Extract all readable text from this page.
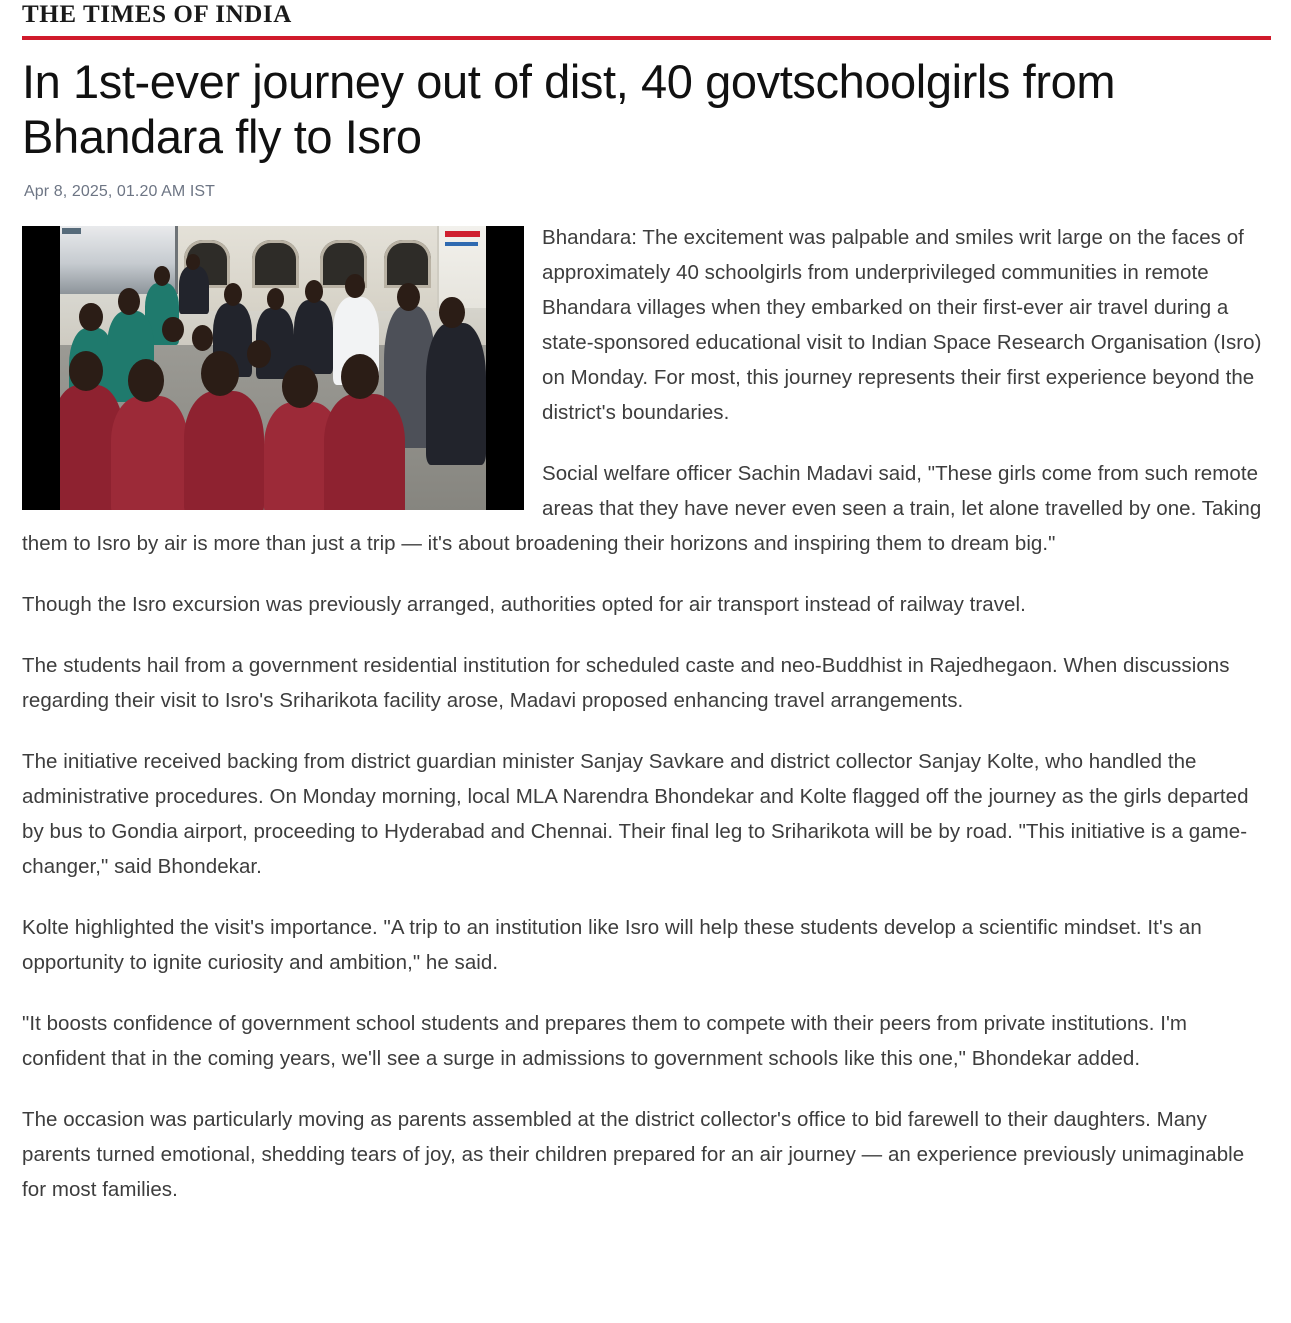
THE TIMES OF INDIA
In 1st-ever journey out of dist, 40 govtschoolgirls from Bhandara fly to Isro
Apr 8, 2025, 01.20 AM IST

Bhandara: The excitement was palpable and smiles writ large on the faces of approximately 40 schoolgirls from underprivileged communities in remote Bhandara villages when they embarked on their first-ever air travel during a state-sponsored educational visit to Indian Space Research Organisation (Isro) on Monday. For most, this journey represents their first experience beyond the district's boundaries.

Social welfare officer Sachin Madavi said, "These girls come from such remote areas that they have never even seen a train, let alone travelled by one. Taking them to Isro by air is more than just a trip — it's about broadening their horizons and inspiring them to dream big."

Though the Isro excursion was previously arranged, authorities opted for air transport instead of railway travel.

The students hail from a government residential institution for scheduled caste and neo-Buddhist in Rajedhegaon. When discussions regarding their visit to Isro's Sriharikota facility arose, Madavi proposed enhancing travel arrangements.

The initiative received backing from district guardian minister Sanjay Savkare and district collector Sanjay Kolte, who handled the administrative procedures. On Monday morning, local MLA Narendra Bhondekar and Kolte flagged off the journey as the girls departed by bus to Gondia airport, proceeding to Hyderabad and Chennai. Their final leg to Sriharikota will be by road. "This initiative is a game-changer," said Bhondekar.

Kolte highlighted the visit's importance. "A trip to an institution like Isro will help these students develop a scientific mindset. It's an opportunity to ignite curiosity and ambition," he said.

"It boosts confidence of government school students and prepares them to compete with their peers from private institutions. I'm confident that in the coming years, we'll see a surge in admissions to government schools like this one," Bhondekar added.

The occasion was particularly moving as parents assembled at the district collector's office to bid farewell to their daughters. Many parents turned emotional, shedding tears of joy, as their children prepared for an air journey — an experience previously unimaginable for most families.
